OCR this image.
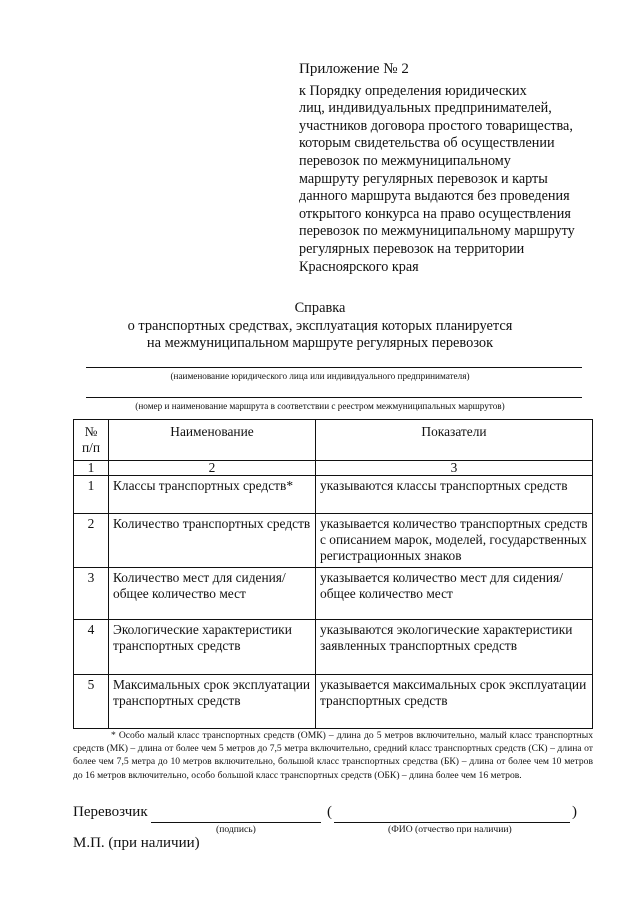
Приложение № 2
к Порядку определения юридических
лиц, индивидуальных предпринимателей,
участников договора простого товарищества,
которым свидетельства об осуществлении
перевозок по межмуниципальному
маршруту регулярных перевозок и карты
данного маршрута выдаются без проведения
открытого конкурса на право осуществления
перевозок по межмуниципальному маршруту
регулярных перевозок на территории
Красноярского края
Справка
о транспортных средствах, эксплуатация которых планируется
на межмуниципальном маршруте регулярных перевозок
(наименование юридического лица или индивидуального предпринимателя)
(номер и наименование маршрута в соответствии с реестром межмуниципальных маршрутов)
№ п/п	Наименование	Показатели
1	2	3
1	Классы транспортных средств*	указываются классы транспортных средств
2	Количество транспортных средств	указывается количество транспортных средств с описанием марок, моделей, государственных регистрационных знаков
3	Количество мест для сидения/общее количество мест	указывается количество мест для сидения/общее количество мест
4	Экологические характеристики транспортных средств	указываются экологические характеристики заявленных транспортных средств
5	Максимальных срок эксплуатации транспортных средств	указывается максимальных срок эксплуатации транспортных средств

* Особо малый класс транспортных средств (ОМК) – длина до 5 метров включительно, малый класс транспортных средств (МК) – длина от более чем 5 метров до 7,5 метра включительно, средний класс транспортных средств (СК) – длина от более чем 7,5 метра до 10 метров включительно, большой класс транспортных средства (БК) – длина от более чем 10 метров до 16 метров включительно, особо большой класс транспортных средств (ОБК) – длина более чем 16 метров.

Перевозчик	(	)
(подпись)	(ФИО (отчество при наличии)
М.П. (при наличии)
